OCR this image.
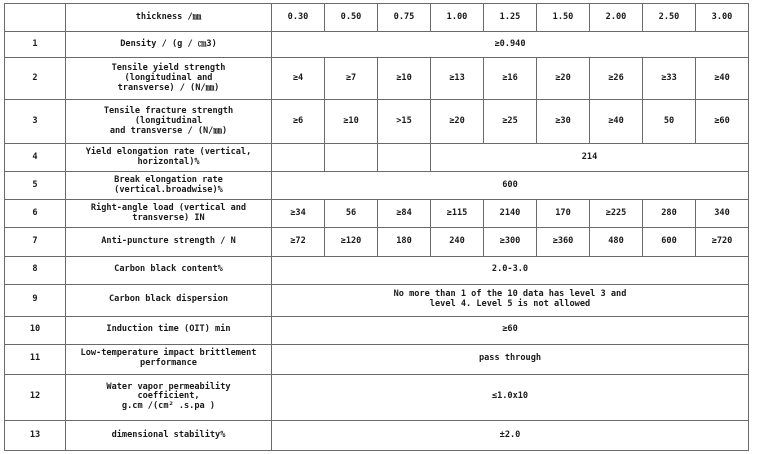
	thickness /㎜	0.30	0.50	0.75	1.00	1.25	1.50	2.00	2.50	3.00
1	Density / (g / ㎝3)	≥0.940								
2	Tensile yield strength
(longitudinal and
transverse) / (N/㎜)	≥4	≥7	≥10	≥13	≥16	≥20	≥26	≥33	≥40
3	Tensile fracture strength
(longitudinal
and transverse / (N/㎜)	≥6	≥10	>15	≥20	≥25	≥30	≥40	50	≥60
4	Yield elongation rate (vertical,
horizontal)%				214					
5	Break elongation rate
(vertical.broadwise)%	600								
6	Right-angle load (vertical and
transverse) IN	≥34	56	≥84	≥115	2140	170	≥225	280	340
7	Anti-puncture strength / N	≥72	≥120	180	240	≥300	≥360	480	600	≥720
8	Carbon black content%	2.0-3.0								
9	Carbon black dispersion	No more than 1 of the 10 data has level 3 and
level 4. Level 5 is not allowed								
10	Induction time (OIT) min	≥60								
11	Low-temperature impact brittlement
performance	pass through								
12	Water vapor permeability
coefficient,
g.cm /(cm² .s.pa )	≤1.0x10								
13	dimensional stability%	±2.0								
